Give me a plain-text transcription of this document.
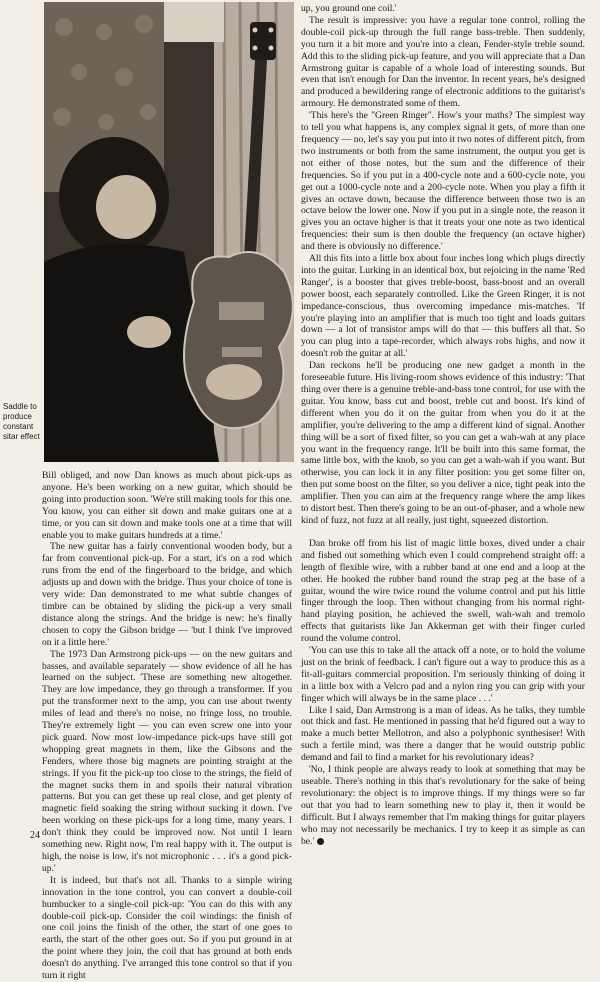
Saddle to produce constant sitar effect

Bill obliged, and now Dan knows as much about pick-ups as anyone. He's been working on a new guitar, which should be going into production soon. 'We're still making tools for this one. You know, you can either sit down and make guitars one at a time, or you can sit down and make tools one at a time that will enable you to make guitars hundreds at a time.'

The new guitar has a fairly conventional wooden body, but a far from conventional pick-up. For a start, it's on a rod which runs from the end of the fingerboard to the bridge, and which adjusts up and down with the bridge. Thus your choice of tone is very wide: Dan demonstrated to me what subtle changes of timbre can be obtained by sliding the pick-up a very small distance along the strings. And the bridge is new: he's finally chosen to copy the Gibson bridge — 'but I think I've improved on it a little here.'

The 1973 Dan Armstrong pick-ups — on the new guitars and basses, and available separately — show evidence of all he has learned on the subject. 'These are something new altogether. They are low impedance, they go through a transformer. If you put the transformer next to the amp, you can use about twenty miles of lead and there's no noise, no fringe loss, no trouble. They're extremely light — you can even screw one into your pick guard. Now most low-impedance pick-ups have still got whopping great magnets in them, like the Gibsons and the Fenders, where those big magnets are pointing straight at the strings. If you fit the pick-up too close to the strings, the field of the magnet sucks them in and spoils their natural vibration patterns. But you can get these up real close, and get plenty of magnetic field soaking the string without sucking it down. I've been working on these pick-ups for a long time, many years. I don't think they could be improved now. Not until I learn something new. Right now, I'm real happy with it. The output is high, the noise is low, it's not microphonic . . . it's a good pick-up.'

It is indeed, but that's not all. Thanks to a simple wiring innovation in the tone control, you can convert a double-coil humbucker to a single-coil pick-up: 'You can do this with any double-coil pick-up. Consider the coil windings: the finish of one coil joins the finish of the other, the start of one goes to earth, the start of the other goes out. So if you put ground in at the point where they join, the coil that has ground at both ends doesn't do anything. I've arranged this tone control so that if you turn it right

up, you ground one coil.'

The result is impressive: you have a regular tone control, rolling the double-coil pick-up through the full range bass-treble. Then suddenly, you turn it a bit more and you're into a clean, Fender-style treble sound. Add this to the sliding pick-up feature, and you will appreciate that a Dan Armstrong guitar is capable of a whole load of interesting sounds. But even that isn't enough for Dan the inventor. In recent years, he's designed and produced a bewildering range of electronic additions to the guitarist's armoury. He demonstrated some of them.

'This here's the "Green Ringer". How's your maths? The simplest way to tell you what happens is, any complex signal it gets, of more than one frequency — no, let's say you put into it two notes of different pitch, from two instruments or both from the same instrument, the output you get is not either of those notes, but the sum and the difference of their frequencies. So if you put in a 400-cycle note and a 600-cycle note, you get out a 1000-cycle note and a 200-cycle note. When you play a fifth it gives an octave down, because the difference between those two is an octave below the lower one. Now if you put in a single note, the reason it gives you an octave higher is that it treats your one note as two identical frequencies: their sum is then double the frequency (an octave higher) and there is obviously no difference.'

All this fits into a little box about four inches long which plugs directly into the guitar. Lurking in an identical box, but rejoicing in the name 'Red Ranger', is a booster that gives treble-boost, bass-boost and an overall power boost, each separately controlled. Like the Green Ringer, it is not impedance-conscious, thus overcoming impedance mis-matches. 'If you're playing into an amplifier that is much too tight and loads guitars down — a lot of transistor amps will do that — this buffers all that. So you can plug into a tape-recorder, which always robs highs, and now it doesn't rob the guitar at all.'

Dan reckons he'll be producing one new gadget a month in the foreseeable future. His living-room shows evidence of this industry: 'That thing over there is a genuine treble-and-bass tone control, for use with the guitar. You know, bass cut and boost, treble cut and boost. It's kind of different when you do it on the guitar from when you do it at the amplifier, you're delivering to the amp a different kind of signal. Another thing will be a sort of fixed filter, so you can get a wah-wah at any place you want in the frequency range. It'll be built into this same format, the same little box, with the knob, so you can get a wah-wah if you want. But otherwise, you can lock it in any filter position: you get some filter on, then put some boost on the filter, so you deliver a nice, tight peak into the amplifier. Then you can aim at the frequency range where the amp likes to distort best. Then there's going to be an out-of-phaser, and a whole new kind of fuzz, not fuzz at all really, just tight, squeezed distortion.

Dan broke off from his list of magic little boxes, dived under a chair and fished out something which even I could comprehend straight off: a length of flexible wire, with a rubber band at one end and a loop at the other. He hooked the rubber band round the strap peg at the base of a guitar, wound the wire twice round the volume control and put his little finger through the loop. Then without changing from his normal right-hand playing position, he achieved the swell, wah-wah and tremolo effects that guitarists like Jan Akkerman get with their finger curled round the volume control.

'You can use this to take all the attack off a note, or to hold the volume just on the brink of feedback. I can't figure out a way to produce this as a fit-all-guitars commercial proposition. I'm seriously thinking of doing it in a little box with a Velcro pad and a nylon ring you can grip with your finger which will always be in the same place . . .'

Like I said, Dan Armstrong is a man of ideas. As he talks, they tumble out thick and fast. He mentioned in passing that he'd figured out a way to make a much better Mellotron, and also a polyphonic synthesiser! With such a fertile mind, was there a danger that he would outstrip public demand and fail to find a market for his revolutionary ideas?

'No, I think people are always ready to look at something that may be useable. There's nothing in this that's revolutionary for the sake of being revolutionary: the object is to improve things. If my things were so far out that you had to learn something new to play it, then it would be difficult. But I always remember that I'm making things for guitar players who may not necessarily be mechanics. I try to keep it as simple as can be.'

24
